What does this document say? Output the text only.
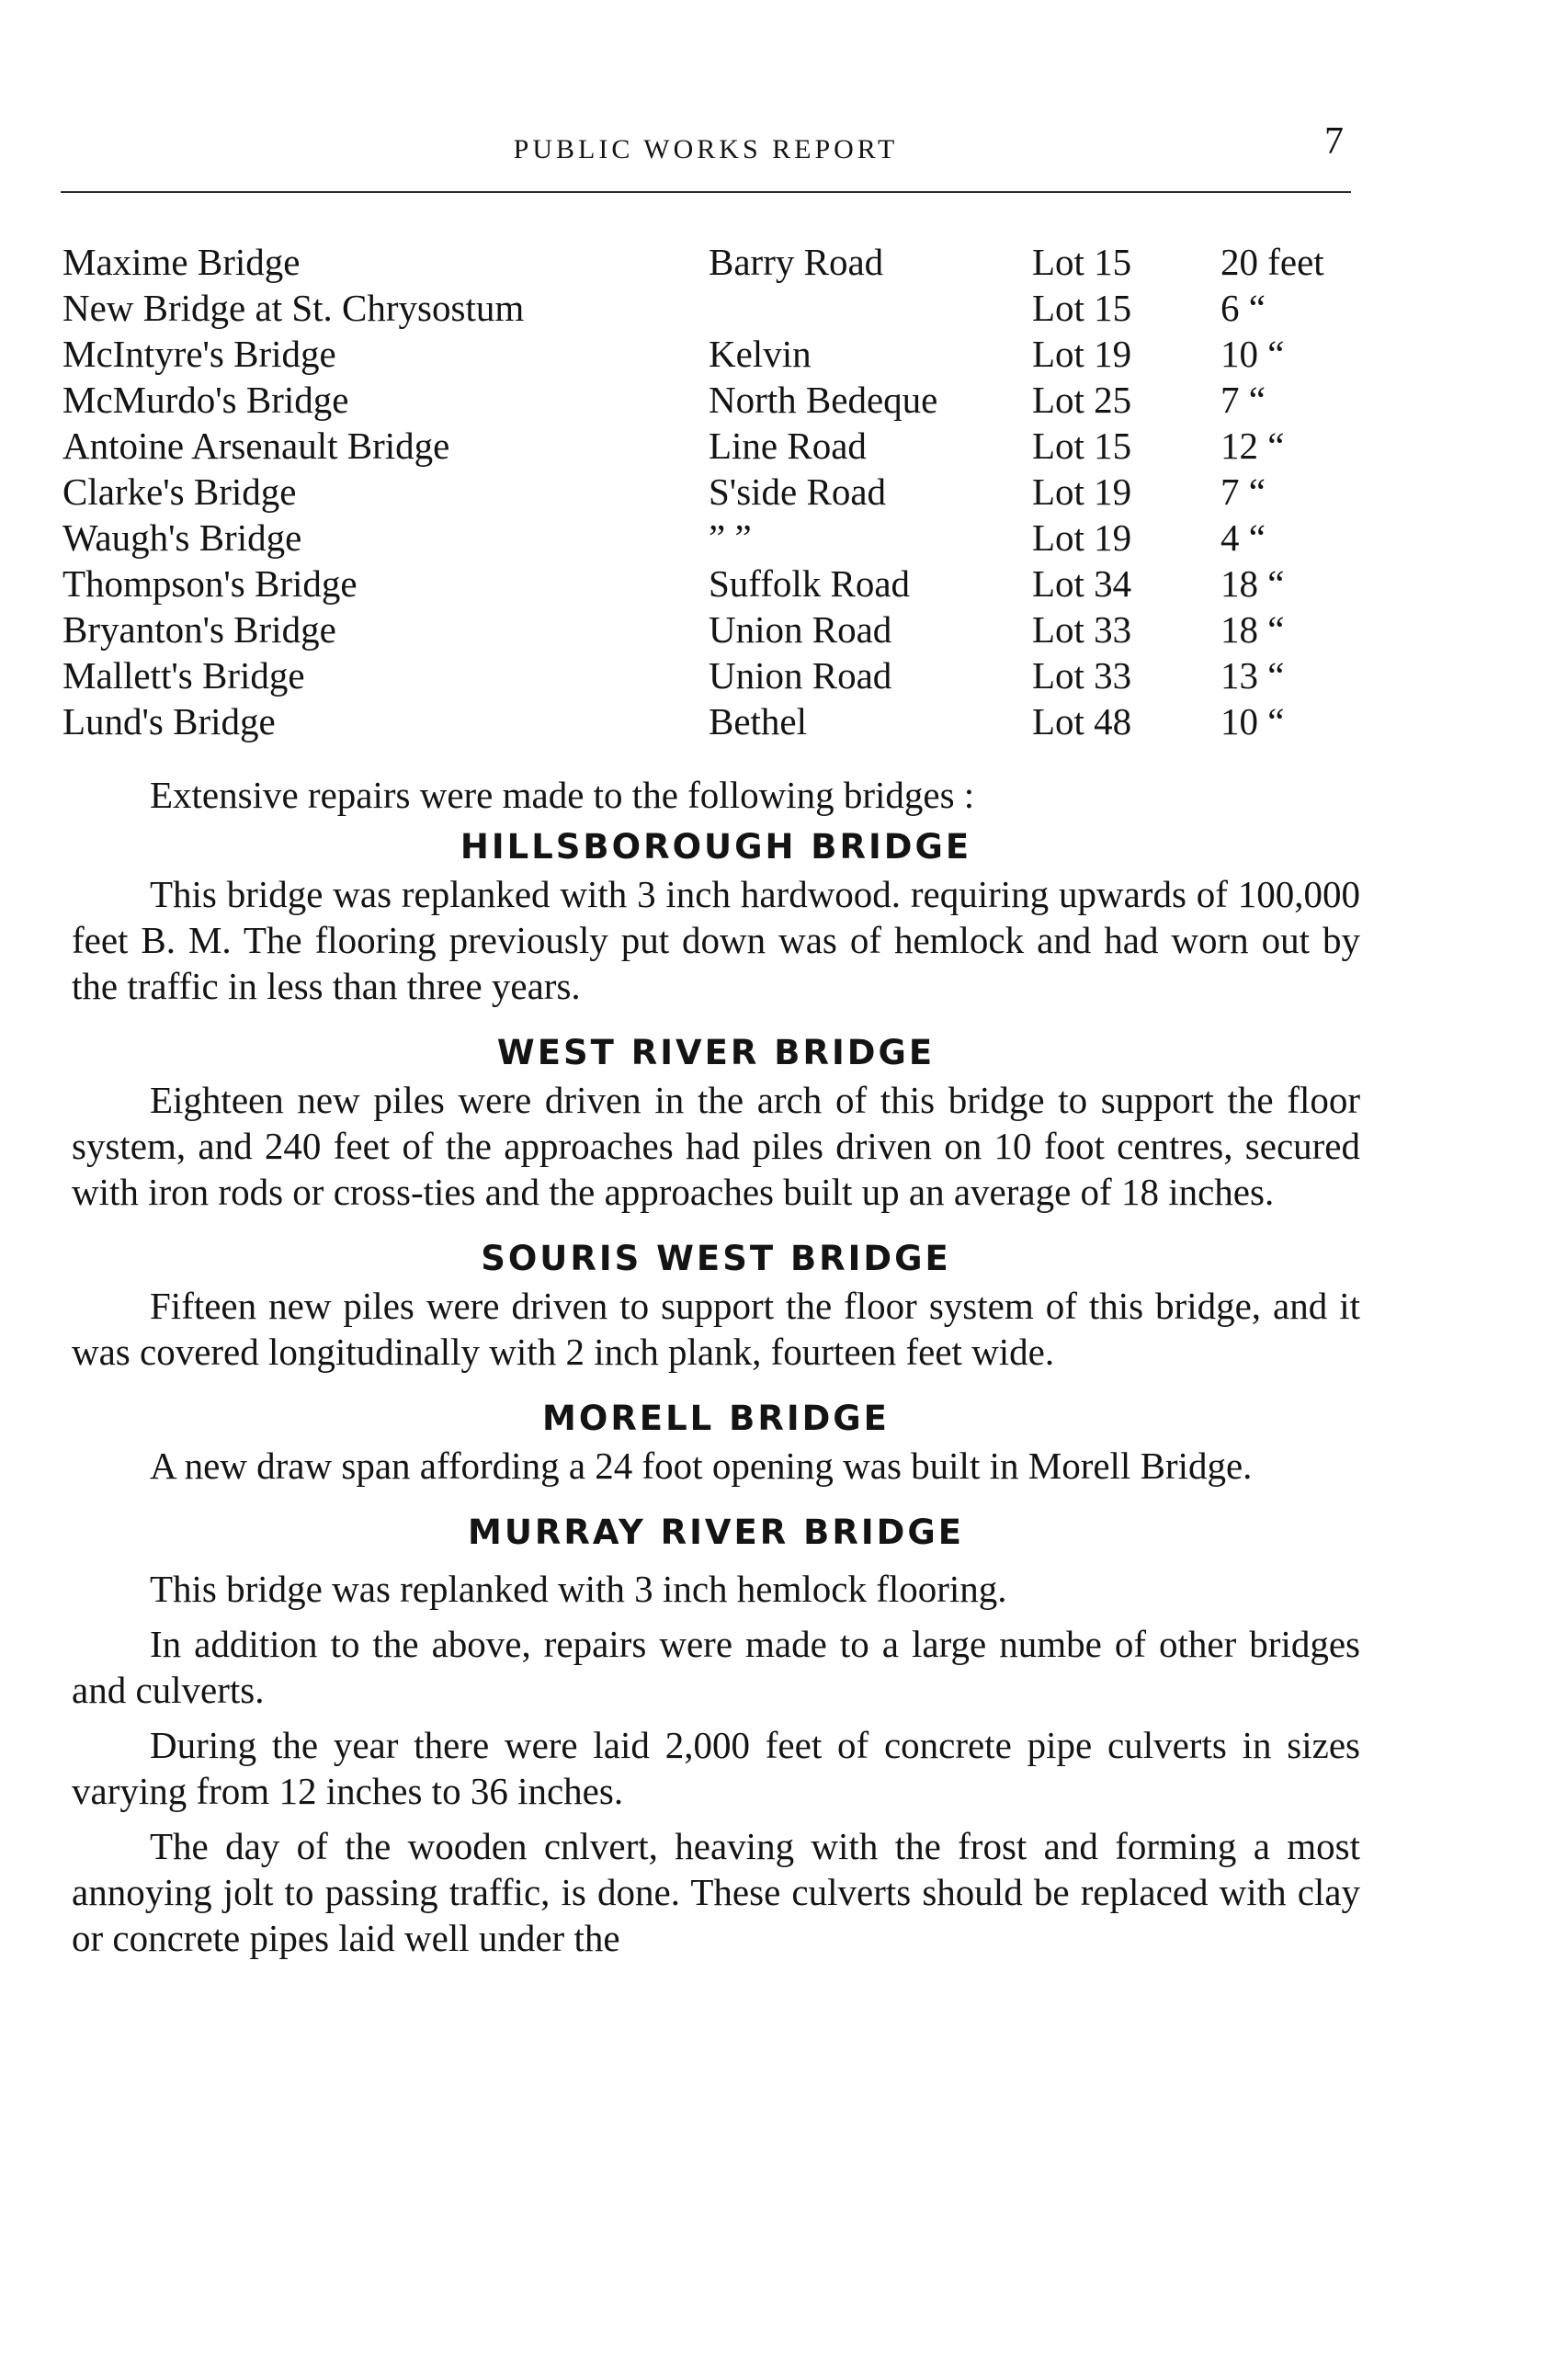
PUBLIC WORKS REPORT	7
Maxime Bridge	Barry Road	Lot 15	20 feet
New Bridge at St. Chrysostum		Lot 15	6 “
McIntyre's Bridge	Kelvin	Lot 19	10 “
McMurdo's Bridge	North Bedeque	Lot 25	7 “
Antoine Arsenault Bridge	Line Road	Lot 15	12 “
Clarke's Bridge	S'side Road	Lot 19	7 “
Waugh's Bridge	” ”	Lot 19	4 “
Thompson's Bridge	Suffolk Road	Lot 34	18 “
Bryanton's Bridge	Union Road	Lot 33	18 “
Mallett's Bridge	Union Road	Lot 33	13 “
Lund's Bridge	Bethel	Lot 48	10 “

Extensive repairs were made to the following bridges :

HILLSBOROUGH BRIDGE

This bridge was replanked with 3 inch hardwood. requiring upwards of 100,000 feet B. M. The flooring previously put down was of hemlock and had worn out by the traffic in less than three years.

WEST RIVER BRIDGE

Eighteen new piles were driven in the arch of this bridge to support the floor system, and 240 feet of the approaches had piles driven on 10 foot centres, secured with iron rods or cross-ties and the approaches built up an average of 18 inches.

SOURIS WEST BRIDGE

Fifteen new piles were driven to support the floor system of this bridge, and it was covered longitudinally with 2 inch plank, fourteen feet wide.

MORELL BRIDGE

A new draw span affording a 24 foot opening was built in Morell Bridge.

MURRAY RIVER BRIDGE

This bridge was replanked with 3 inch hemlock flooring.

In addition to the above, repairs were made to a large numbe of other bridges and culverts.

During the year there were laid 2,000 feet of concrete pipe culverts in sizes varying from 12 inches to 36 inches.

The day of the wooden cnlvert, heaving with the frost and forming a most annoying jolt to passing traffic, is done. These culverts should be replaced with clay or concrete pipes laid well under the
